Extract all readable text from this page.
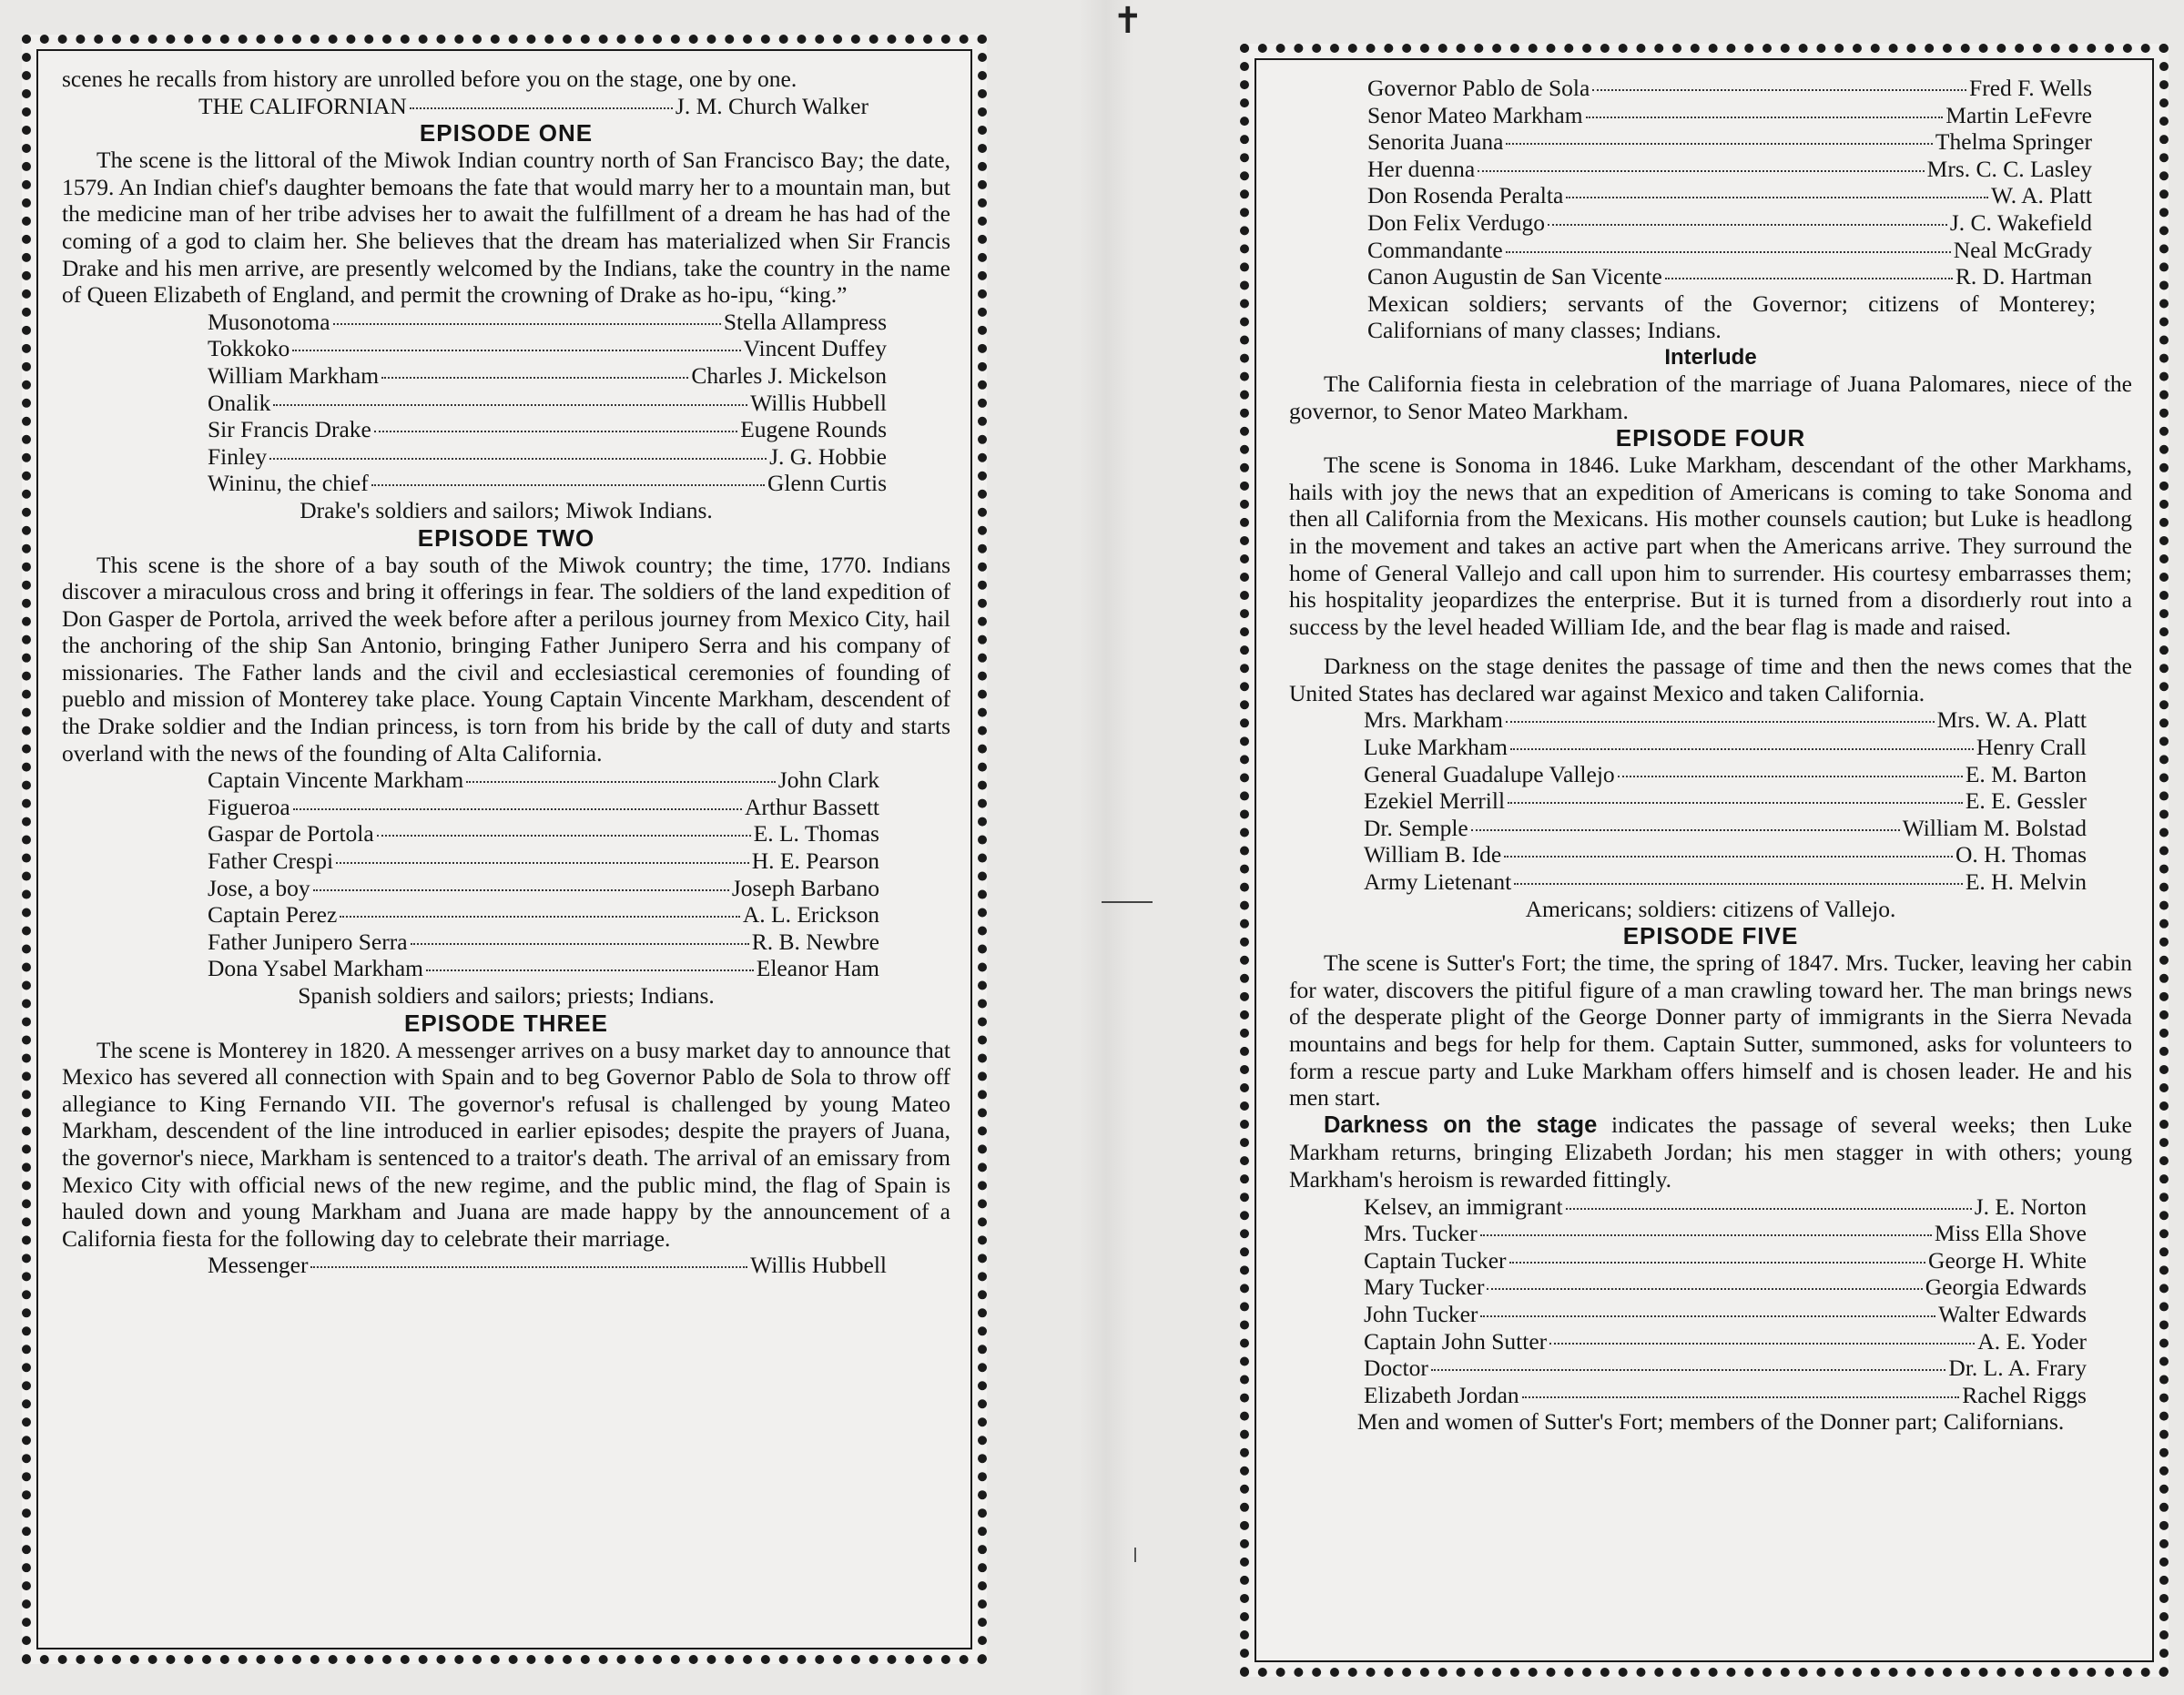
✝

scenes he recalls from history are unrolled before you on the stage, one by one.

THE CALIFORNIAN	J. M. Church Walker

EPISODE ONE

The scene is the littoral of the Miwok Indian country north of San Francisco Bay; the date, 1579. An Indian chief's daughter bemoans the fate that would marry her to a mountain man, but the medicine man of her tribe advises her to await the fulfillment of a dream he has had of the coming of a god to claim her. She believes that the dream has materialized when Sir Francis Drake and his men arrive, are presently welcomed by the Indians, take the country in the name of Queen Elizabeth of England, and permit the crowning of Drake as ho-ipu, “king.”

Musonotoma	Stella Allampress
Tokkoko	Vincent Duffey
William Markham	Charles J. Mickelson
Onalik	Willis Hubbell
Sir Francis Drake	Eugene Rounds
Finley	J. G. Hobbie
Wininu, the chief	Glenn Curtis

Drake's soldiers and sailors; Miwok Indians.

EPISODE TWO

This scene is the shore of a bay south of the Miwok country; the time, 1770. Indians discover a miraculous cross and bring it offerings in fear. The soldiers of the land expedition of Don Gasper de Portola, arrived the week before after a perilous journey from Mexico City, hail the anchoring of the ship San Antonio, bringing Father Junipero Serra and his company of missionaries. The Father lands and the civil and ecclesiastical ceremonies of founding of pueblo and mission of Monterey take place. Young Captain Vincente Markham, descendent of the Drake soldier and the Indian princess, is torn from his bride by the call of duty and starts overland with the news of the founding of Alta California.

Captain Vincente Markham	John Clark
Figueroa	Arthur Bassett
Gaspar de Portola	E. L. Thomas
Father Crespi	H. E. Pearson
Jose, a boy	Joseph Barbano
Captain Perez	A. L. Erickson
Father Junipero Serra	R. B. Newbre
Dona Ysabel Markham	Eleanor Ham

Spanish soldiers and sailors; priests; Indians.

EPISODE THREE

The scene is Monterey in 1820. A messenger arrives on a busy market day to announce that Mexico has severed all connection with Spain and to beg Governor Pablo de Sola to throw off allegiance to King Fernando VII. The governor's refusal is challenged by young Mateo Markham, descendent of the line introduced in earlier episodes; despite the prayers of Juana, the governor's niece, Markham is sentenced to a traitor's death. The arrival of an emissary from Mexico City with official news of the new regime, and the public mind, the flag of Spain is hauled down and young Markham and Juana are made happy by the announcement of a California fiesta for the following day to celebrate their marriage.

Messenger	Willis Hubbell
Governor Pablo de Sola	Fred F. Wells
Senor Mateo Markham	Martin LeFevre
Senorita Juana	Thelma Springer
Her duenna	Mrs. C. C. Lasley
Don Rosenda Peralta	W. A. Platt
Don Felix Verdugo	J. C. Wakefield
Commandante	Neal McGrady
Canon Augustin de San Vicente	R. D. Hartman

Mexican soldiers; servants of the Governor; citizens of Monterey; Californians of many classes; Indians.

Interlude

The California fiesta in celebration of the marriage of Juana Palomares, niece of the governor, to Senor Mateo Markham.

EPISODE FOUR

The scene is Sonoma in 1846. Luke Markham, descendant of the other Markhams, hails with joy the news that an expedition of Americans is coming to take Sonoma and then all California from the Mexicans. His mother counsels caution; but Luke is headlong in the movement and takes an active part when the Americans arrive. They surround the home of General Vallejo and call upon him to surrender. His courtesy embarrasses them; his hospitality jeopardizes the enterprise. But it is turned from a disordıerly rout into a success by the level headed William Ide, and the bear flag is made and raised.

Darkness on the stage denites the passage of time and then the news comes that the United States has declared war against Mexico and taken California.

Mrs. Markham	Mrs. W. A. Platt
Luke Markham	Henry Crall
General Guadalupe Vallejo	E. M. Barton
Ezekiel Merrill	E. E. Gessler
Dr. Semple	William M. Bolstad
William B. Ide	O. H. Thomas
Army Lietenant	E. H. Melvin

Americans; soldiers: citizens of Vallejo.

EPISODE FIVE

The scene is Sutter's Fort; the time, the spring of 1847. Mrs. Tucker, leaving her cabin for water, discovers the pitiful figure of a man crawling toward her. The man brings news of the desperate plight of the George Donner party of immigrants in the Sierra Nevada mountains and begs for help for them. Captain Sutter, summoned, asks for volunteers to form a rescue party and Luke Markham offers himself and is chosen leader. He and his men start.

Darkness on the stage indicates the passage of several weeks; then Luke Markham returns, bringing Elizabeth Jordan; his men stagger in with others; young Markham's heroism is rewarded fittingly.

Kelsev, an immigrant	J. E. Norton
Mrs. Tucker	Miss Ella Shove
Captain Tucker	George H. White
Mary Tucker	Georgia Edwards
John Tucker	Walter Edwards
Captain John Sutter	A. E. Yoder
Doctor	Dr. L. A. Frary
Elizabeth Jordan	Rachel Riggs

Men and women of Sutter's Fort; members of the Donner part; Californians.
